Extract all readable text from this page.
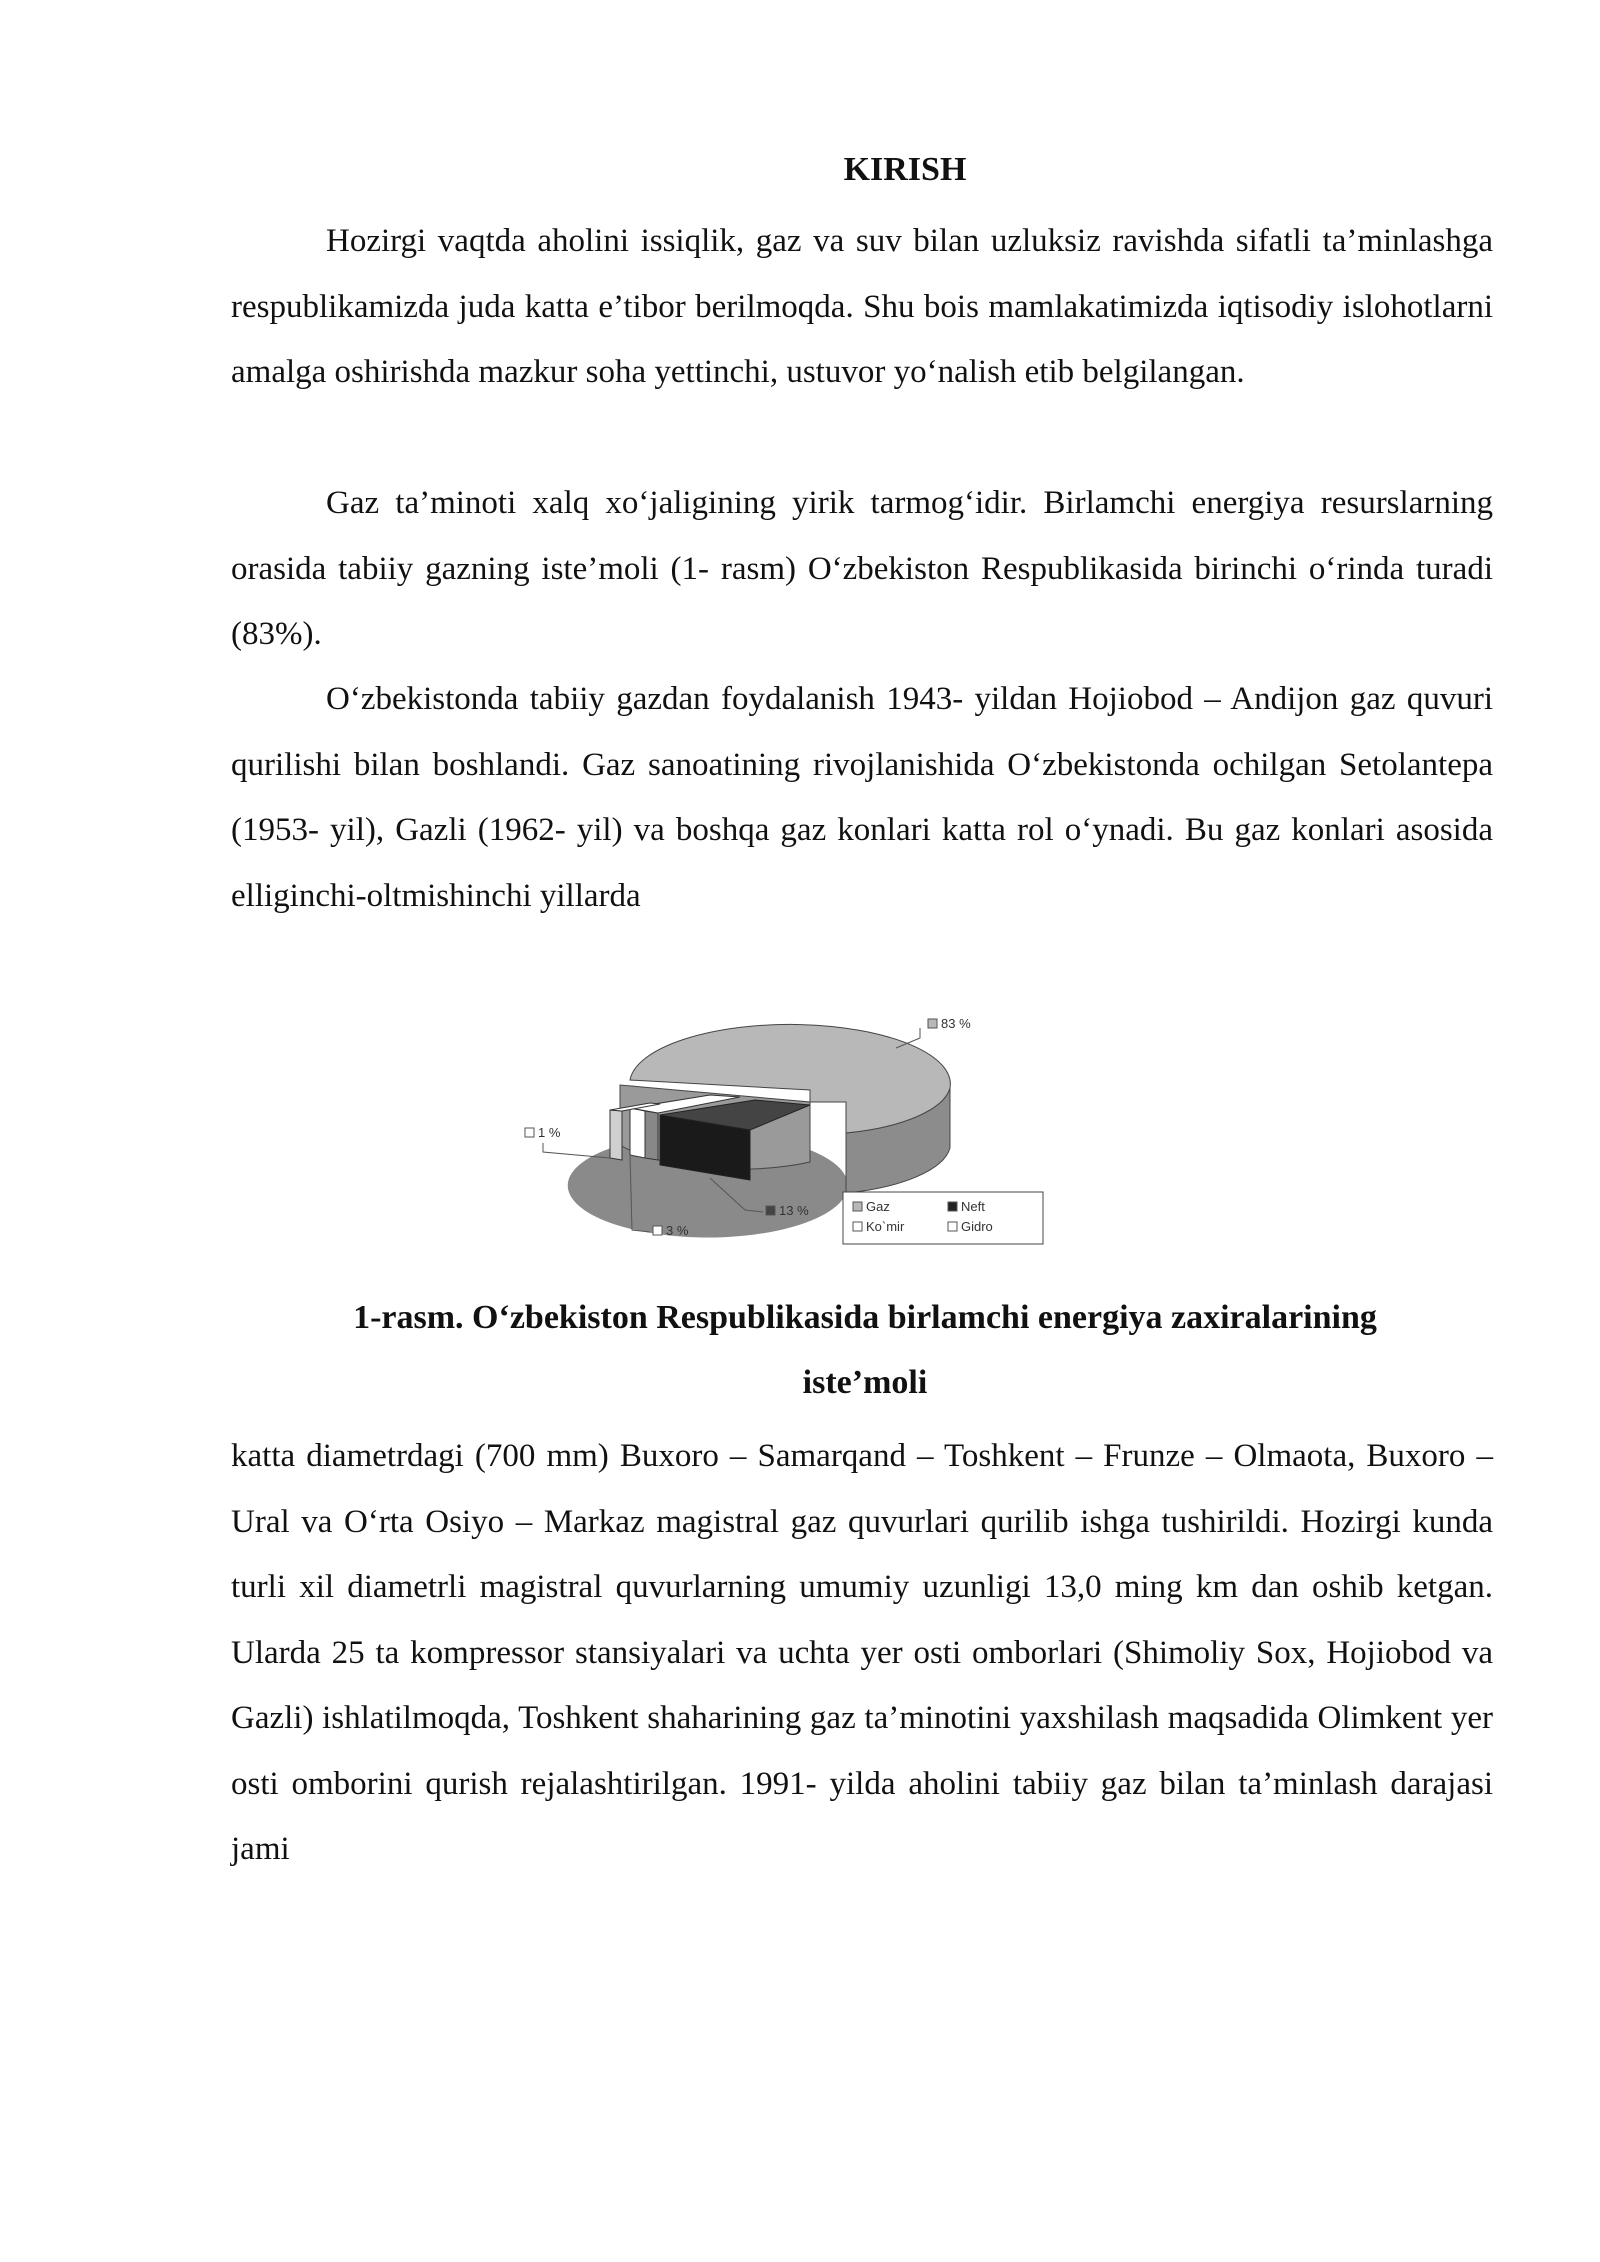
KIRISH

Hozirgi vaqtda aholini issiqlik, gaz va suv bilan uzluksiz ravishda sifatli ta’minlashga respublikamizda juda katta e’tibor berilmoqda. Shu bois mamlakatimizda iqtisodiy islohotlarni amalga oshirishda mazkur soha yettinchi, ustuvor yo‘nalish etib belgilangan.

Gaz ta’minoti xalq xo‘jaligining yirik tarmog‘idir. Birlamchi energiya resurslarning orasida tabiiy gazning iste’moli (1- rasm) O‘zbekiston Respublikasida birinchi o‘rinda turadi (83%).

O‘zbekistonda tabiiy gazdan foydalanish 1943- yildan Hojiobod – Andijon gaz quvuri qurilishi bilan boshlandi. Gaz sanoatining rivojlanishida O‘zbekistonda ochilgan Setolantepa (1953- yil), Gazli (1962- yil) va boshqa gaz konlari katta rol o‘ynadi. Bu gaz konlari asosida elliginchi-oltmishinchi yillarda

83 %
1 %
3 %
13 %	Gaz	Neft
Ko`mir	Gidro

1-rasm. O‘zbekiston Respublikasida birlamchi energiya zaxiralarining iste’moli

katta diametrdagi (700 mm) Buxoro – Samarqand – Toshkent – Frunze – Olmaota, Buxoro – Ural va O‘rta Osiyo – Markaz magistral gaz quvurlari qurilib ishga tushirildi. Hozirgi kunda turli xil diametrli magistral quvurlarning umumiy uzunligi 13,0 ming km dan oshib ketgan. Ularda 25 ta kompressor stansiyalari va uchta yer osti omborlari (Shimoliy Sox, Hojiobod va Gazli) ishlatilmoqda, Toshkent shaharining gaz ta’minotini yaxshilash maqsadida Olimkent yer osti omborini qurish rejalashtirilgan. 1991- yilda aholini tabiiy gaz bilan ta’minlash darajasi jami
